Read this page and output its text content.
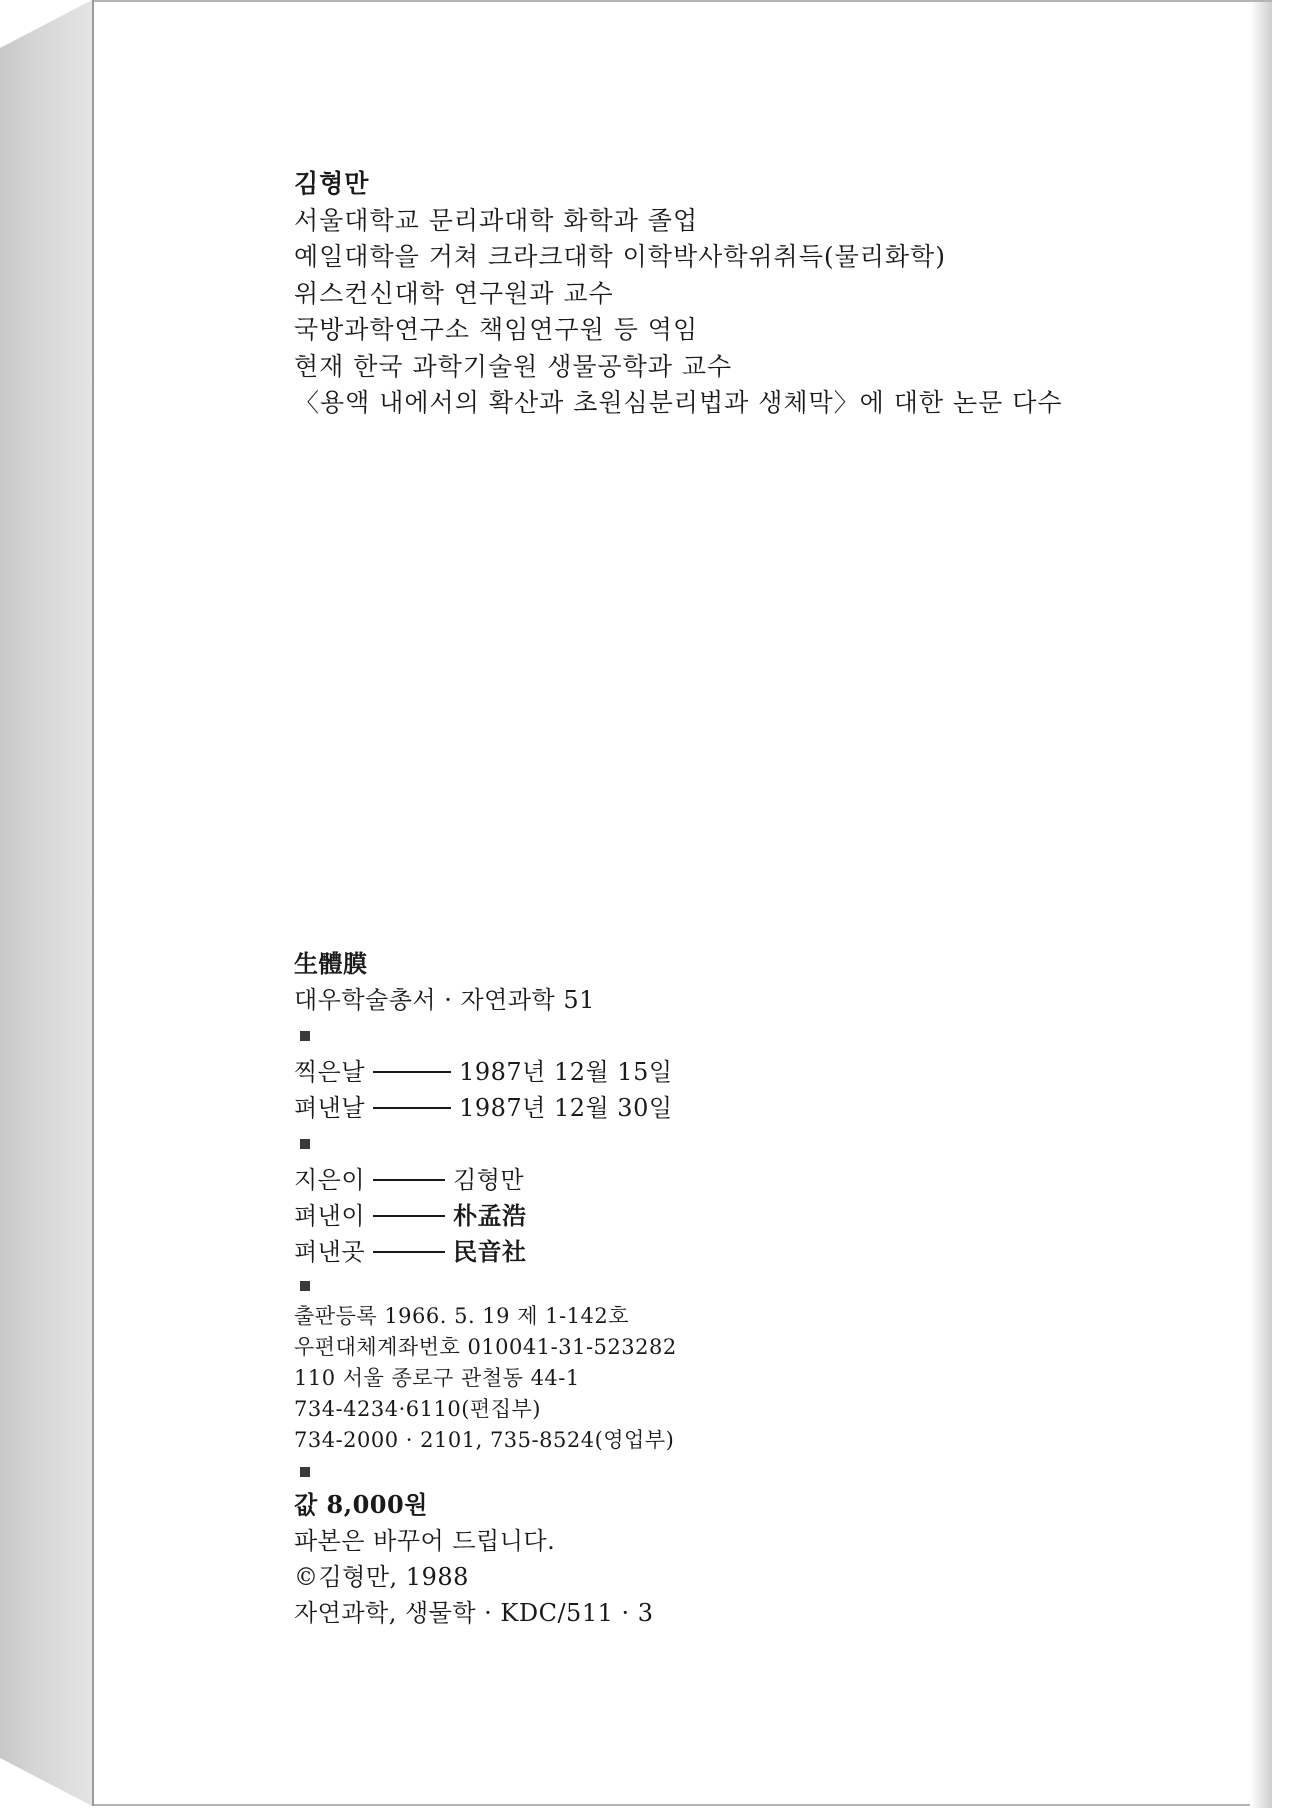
김형만
서울대학교 문리과대학 화학과 졸업
예일대학을 거쳐 크라크대학 이학박사학위취득(물리화학)
위스컨신대학 연구원과 교수
국방과학연구소 책임연구원 등 역임
현재 한국 과학기술원 생물공학과 교수
〈용액 내에서의 확산과 초원심분리법과 생체막〉에 대한 논문 다수
生體膜
대우학술총서 · 자연과학 51
찍은날	1987년 12월 15일
펴낸날	1987년 12월 30일
지은이	김형만
펴낸이	朴孟浩
펴낸곳	民音社
출판등록 1966. 5. 19 제 1-142호
우편대체계좌번호 010041-31-523282
110 서울 종로구 관철동 44-1
734-4234·6110(편집부)
734-2000 · 2101, 735-8524(영업부)
값 8,000원
파본은 바꾸어 드립니다.
©김형만, 1988
자연과학, 생물학 · KDC/511 · 3
